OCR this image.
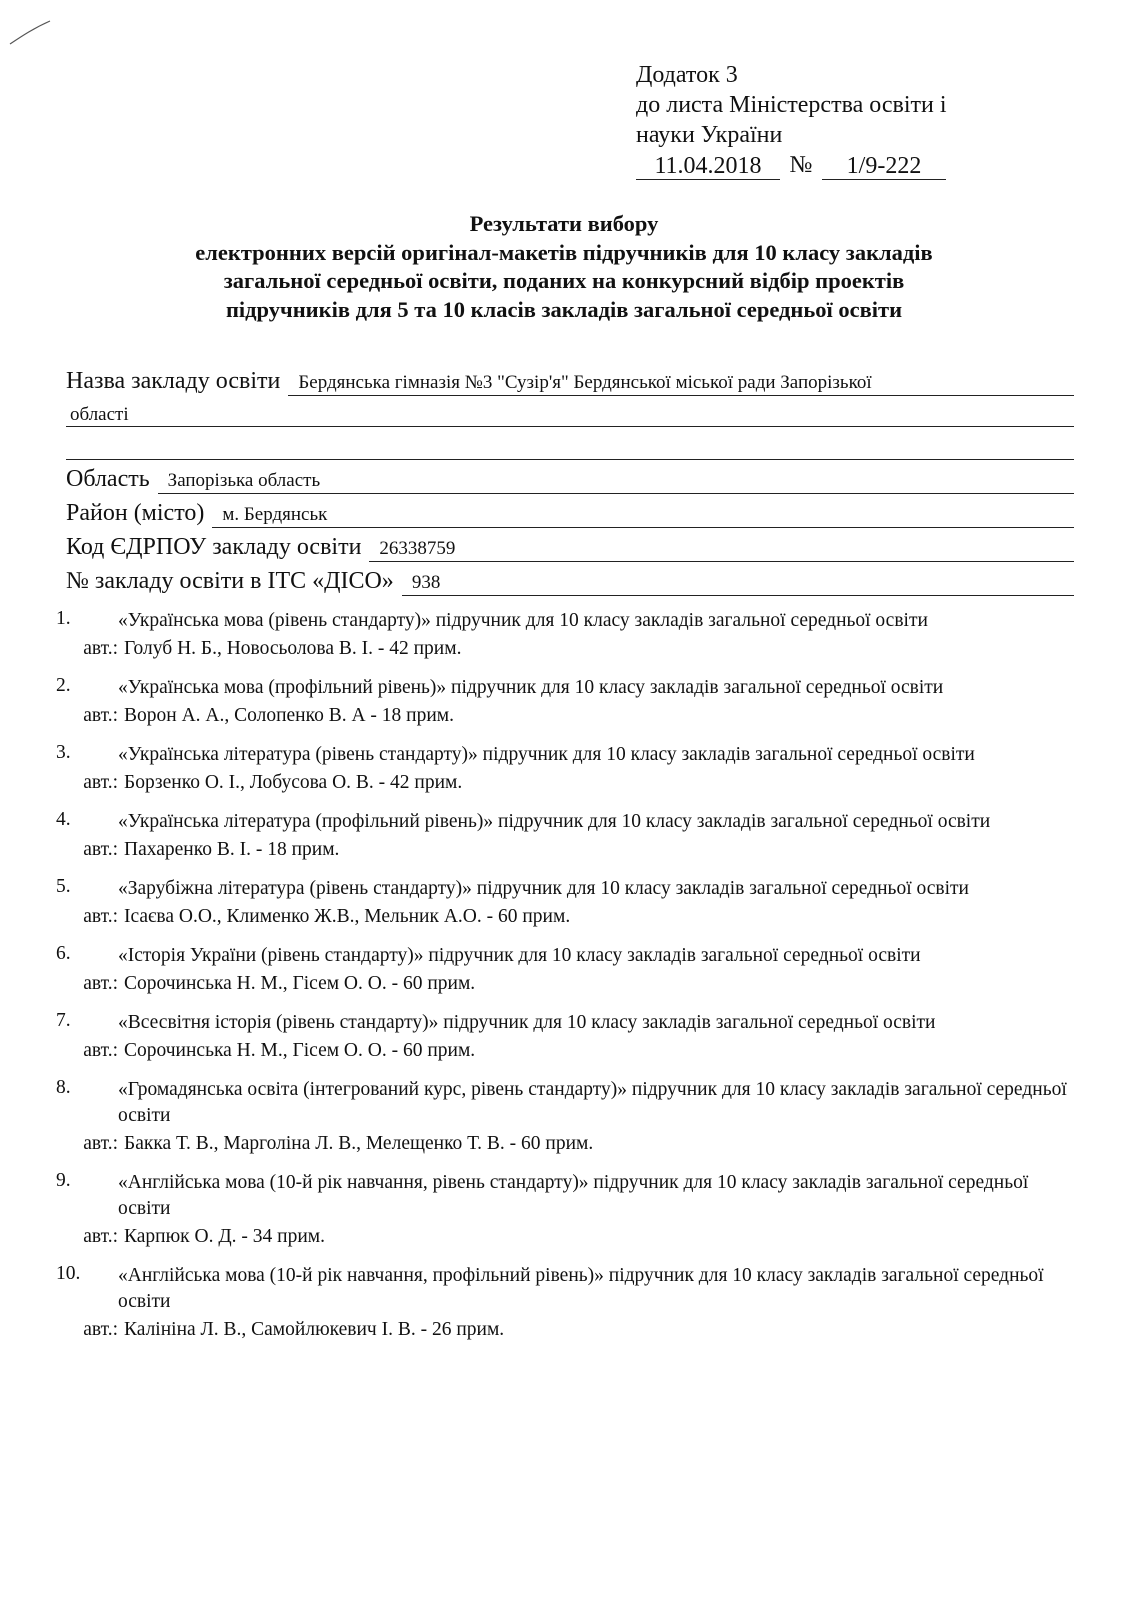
Додаток 3
до листа Міністерства освіти і
науки України
11.04.2018	№	1/9-222
Результати вибору
електронних версій оригінал-макетів підручників для 10 класу закладів
загальної середньої освіти, поданих на конкурсний відбір проектів
підручників для 5 та 10 класів закладів загальної середньої освіти
Назва закладу освіти Бердянська гімназія №3 "Сузір'я" Бердянської міської ради Запорізької
області
Область Запорізька область
Район (місто) м. Бердянськ
Код ЄДРПОУ закладу освіти 26338759
№ закладу освіти в ІТС «ДІСО» 938
1.	«Українська мова (рівень стандарту)» підручник для 10 класу закладів загальної середньої освіти
авт.: Голуб Н. Б., Новосьолова В. І. - 42 прим.
2.	«Українська мова (профільний рівень)» підручник для 10 класу закладів загальної середньої освіти
авт.: Ворон А. А., Солопенко В. А - 18 прим.
3.	«Українська література (рівень стандарту)» підручник для 10 класу закладів загальної середньої освіти
авт.: Борзенко О. І., Лобусова О. В. - 42 прим.
4.	«Українська література (профільний рівень)» підручник для 10 класу закладів загальної середньої освіти
авт.: Пахаренко В. І. - 18 прим.
5.	«Зарубіжна література (рівень стандарту)» підручник для 10 класу закладів загальної середньої освіти
авт.: Ісаєва О.О., Клименко Ж.В., Мельник А.О. - 60 прим.
6.	«Історія України (рівень стандарту)» підручник для 10 класу закладів загальної середньої освіти
авт.: Сорочинська Н. М., Гісем О. О. - 60 прим.
7.	«Всесвітня історія (рівень стандарту)» підручник для 10 класу закладів загальної середньої освіти
авт.: Сорочинська Н. М., Гісем О. О. - 60 прим.
8.	«Громадянська освіта (інтегрований курс, рівень стандарту)» підручник для 10 класу закладів загальної середньої освіти
авт.: Бакка Т. В., Марголіна Л. В., Мелещенко Т. В. - 60 прим.
9.	«Англійська мова (10-й рік навчання, рівень стандарту)» підручник для 10 класу закладів загальної середньої освіти
авт.: Карпюк О. Д. - 34 прим.
10.	«Англійська мова (10-й рік навчання, профільний рівень)» підручник для 10 класу закладів загальної середньої освіти
авт.: Калініна Л. В., Самойлюкевич І. В. - 26 прим.
